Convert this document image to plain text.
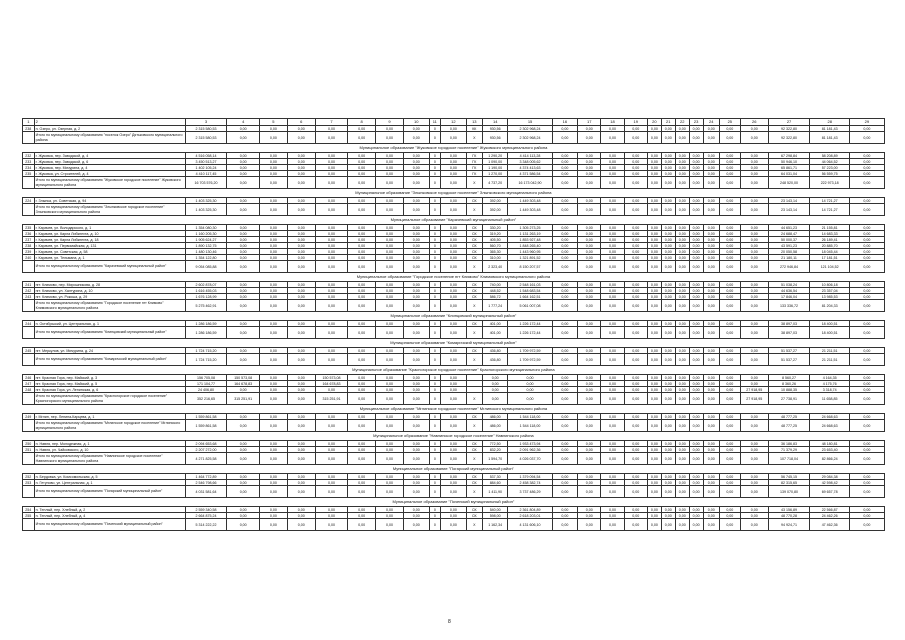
1	2	3	4	5	6	7	8	9	10	11	12	13	14	15	16	17	18	19	20	21	22	23	24	25	26	27	28	29
238	п. Озеро, ул. Озерная, д. 2	2 315 580,53	0,00	0,00	0,00	0,00	0,00	0,00	0,00	0	0,00	КК	930,56	2 302 968,24	0,00	0,00	0,00	0,00	0,00	0,00	0,00	0,00	0,00	0,00	0,00	92 322,80	81 181,43	0,00
	Итого по муниципальному образованию "поселок Озеро" Дятьковского муниципального района	2 315 580,53	0,00	0,00	0,00	0,00	0,00	0,00	0,00	0	0,00	Х	930,56	2 302 968,24	0,00	0,00	0,00	0,00	0,00	0,00	0,00	0,00	0,00	0,00	0,00	92 322,80	81 181,43	0,00
Муниципальное образование "Жуковское городское поселение" Жуковского муниципального района																												
232	г. Жуковка, пер. Заводской, д. 4	4 516 058,14	0,00	0,00	0,00	0,00	0,00	0,00	0,00	0	0,00	ГК	1 290,20	4 414 113,28	0,00	0,00	0,00	0,00	0,00	0,00	0,00	0,00	0,00	0,00	0,00	67 298,84	58 208,89	0,00
233	г. Жуковка, пер. Заводской, д. 6	3 450 513,27	0,00	0,00	0,00	0,00	0,00	0,00	0,00	0	0,00	ГК	1 090,00	3 348 005,62	0,00	0,00	0,00	0,00	0,00	0,00	0,00	0,00	0,00	0,00	0,00	50 946,10	44 064,52	0,00
234	г. Жуковка, пер. Мичурина, д. 4	1 402 105,24	0,00	0,00	0,00	0,00	0,00	0,00	0,00	0	0,00	ГК	1 190,00	4 374 413,63	0,00	0,00	0,00	0,00	0,00	0,00	0,00	0,00	0,00	0,00	0,00	65 861,71	57 223,00	0,00
235	г. Жуковка, ул. Строителей, д. 4	4 410 117,45	0,00	0,00	0,00	0,00	0,00	0,00	0,00	0	0,00	ГК	1 270,00	4 371 586,54	0,00	0,00	0,00	0,00	0,00	0,00	0,00	0,00	0,00	0,00	0,00	64 031,04	56 559,75	0,00
	Итого по муниципальному образованию "Жуковское городское поселение" Жуковского муниципального района	16 703 576,20	0,00	0,00	0,00	0,00	0,00	0,00	0,00	0	0,00	Х	4 737,20	16 173 042,90	0,00	0,00	0,00	0,00	0,00	0,00	0,00	0,00	0,00	0,00	0,00	248 520,00	222 973,18	0,00
Муниципальное образование "Злынковское городское поселение" Злынковского муниципального района																												
224	г. Злынка, ул. Советская, д. 94	1 403 325,30	0,00	0,00	0,00	0,00	0,00	0,00	0,00	0	0,00	СК	392,00	1 449 303,48	0,00	0,00	0,00	0,00	0,00	0,00	0,00	0,00	0,00	0,00	0,00	23 143,14	14 721,27	0,00
	Итого по муниципальному образованию "Злынковское городское поселение" Злынковского муниципального района	1 403 325,30	0,00	0,00	0,00	0,00	0,00	0,00	0,00	0	0,00	Х	392,00	1 449 303,48	0,00	0,00	0,00	0,00	0,00	0,00	0,00	0,00	0,00	0,00	0,00	23 143,14	14 721,27	0,00
Муниципальное образование "Карачевский муниципальный район"																												
235	г. Карачев, ул. Володарского, д. 1	1 354 080,30	0,00	0,00	0,00	0,00	0,00	0,00	0,00	0	0,00	СК	330,20	1 305 273,25	0,00	0,00	0,00	0,00	0,00	0,00	0,00	0,00	0,00	0,00	0,00	44 651,23	21 155,81	0,00
236	г. Карачев, ул. Карла Либкнехта, д. 10	1 160 205,30	0,00	0,00	0,00	0,00	0,00	0,00	0,00	0	0,00	СК	319,20	1 131 263,19	0,00	0,00	0,00	0,00	0,00	0,00	0,00	0,00	0,00	0,00	0,00	24 688,47	14 683,33	0,00
237	г. Карачев, ул. Карла Либкнехта, д. 18	1 905 624,27	0,00	0,00	0,00	0,00	0,00	0,00	0,00	0	0,00	СК	405,50	1 853 927,48	0,00	0,00	0,00	0,00	0,00	0,00	0,00	0,00	0,00	0,00	0,00	50 000,37	26 189,41	0,00
238	г. Карачев, ул. Первомайская, д. 131	1 890 132,75	0,00	0,00	0,00	0,00	0,00	0,00	0,00	0	0,00	СК	560,70	1 848 265,40	0,00	0,00	0,00	0,00	0,00	0,00	0,00	0,00	0,00	0,00	0,00	43 591,23	20 885,70	0,00
239	г. Карачев, ул. Советская, д. 58	1 480 130,46	0,00	0,00	0,00	0,00	0,00	0,00	0,00	0	0,00	СК	365,30	1 443 960,95	0,00	0,00	0,00	0,00	0,00	0,00	0,00	0,00	0,00	0,00	0,00	20 050,58	18 045,44	0,00
240	г. Карачев, ул. Тельмана, д. 1	1 354 122,80	0,00	0,00	0,00	0,00	0,00	0,00	0,00	0	0,00	СК	310,00	1 321 891,52	0,00	0,00	0,00	0,00	0,00	0,00	0,00	0,00	0,00	0,00	0,00	21 180,11	17 181,51	0,00
	Итого по муниципальному образованию "Карачевский муниципальный район"	9 054 085,88	0,00	0,00	0,00	0,00	0,00	0,00	0,00	0	0,00	Х	2 323,40	8 150 207,57	0,00	0,00	0,00	0,00	0,00	0,00	0,00	0,00	0,00	0,00	0,00	272 946,84	121 104,52	0,00
Муниципальное образование "Городское поселение пгт Климово" Климовского муниципального района																												
241	пгт. Климово, пер. Мирошникова, д. 28	2 602 878,07	0,00	0,00	0,00	0,00	0,00	0,00	0,00	0	0,00	СК	740,00	2 548 161,03	0,00	0,00	0,00	0,00	0,00	0,00	0,00	0,00	0,00	0,00	0,00	51 038,24	10 806,18	0,00
242	пгт. Климово, ул. Халтурина, д. 10	1 616 455,03	0,00	0,00	0,00	0,00	0,00	0,00	0,00	0	0,00	СК	448,52	1 548 683,54	0,00	0,00	0,00	0,00	0,00	0,00	0,00	0,00	0,00	0,00	0,00	44 636,54	23 357,04	0,00
243	пгт. Климово, ул. Рокоша, д. 29	1 676 128,99	0,00	0,00	0,00	0,00	0,00	0,00	0,00	0	0,00	СК	586,72	1 664 162,51	0,00	0,00	0,00	0,00	0,00	0,00	0,00	0,00	0,00	0,00	0,00	17 846,04	13 985,53	0,00
	Итого по муниципальному образованию "Городское поселение пгт Климово" Климовского муниципального района	5 275 462,91	0,00	0,00	0,00	0,00	0,00	0,00	0,00	0	0,00	Х	1 777,24	5 061 007,08	0,00	0,00	0,00	0,00	0,00	0,00	0,00	0,00	0,00	0,00	0,00	133 336,72	81 204,33	0,00
Муниципальное образование "Клинцовский муниципальный район"																												
244	п. Октябрьский, ул. Центральная, д. 1	1 286 186,59	0,00	0,00	0,00	0,00	0,00	0,00	0,00	0	0,00	СК	401,00	1 226 172,44	0,00	0,00	0,00	0,00	0,00	0,00	0,00	0,00	0,00	0,00	0,00	38 897,03	18 400,51	0,00
	Итого по муниципальному образованию "Клинцовский муниципальный район"	1 286 186,59	0,00	0,00	0,00	0,00	0,00	0,00	0,00	0	0,00	Х	401,00	1 226 172,44	0,00	0,00	0,00	0,00	0,00	0,00	0,00	0,00	0,00	0,00	0,00	38 897,03	18 400,51	0,00
Муниципальное образование "Комаричский муниципальный район"																												
245	пгт. Меркулов, ул. Мичурина, д. 24	1 724 715,20	0,00	0,00	0,00	0,00	0,00	0,00	0,00	0	0,00	СК	436,80	1 709 972,59	0,00	0,00	0,00	0,00	0,00	0,00	0,00	0,00	0,00	0,00	0,00	51 537,27	21 211,51	0,00
	Итого по муниципальному образованию "Комаричский муниципальный район"	1 724 715,20	0,00	0,00	0,00	0,00	0,00	0,00	0,00	0	0,00	Х	436,80	1 709 972,59	0,00	0,00	0,00	0,00	0,00	0,00	0,00	0,00	0,00	0,00	0,00	51 537,27	21 211,51	0,00
Муниципальное образование "Красногорское городское поселение" Красногорского муниципального района																												
246	пгт. Красная Гора, пер. Майский, д. 3	156 705,08	150 573,08	0,00	0,00	150 573,08	0,00	0,00	0,00	0	0,00		0,00	0,00	0,00	0,00	0,00	0,00	0,00	0,00	0,00	0,00	0,00	0,00	0,00	8 560,27	4 164,35	0,00
247	пгт. Красная Гора, пер. Майский, д. 5	171 104,77	164 678,83	0,00	0,00	164 678,83	0,00	0,00	0,00	0	0,00		0,00	0,00	0,00	0,00	0,00	0,00	0,00	0,00	0,00	0,00	0,00	0,00	0,00	8 360,26	4 175,76	0,00
248	пгт. Красная Гора, ул. Ленинская, д. 6	24 406,80	0,00	0,00	0,00	0,00	0,00	0,00	0,00	0	0,00		0,00	0,00	0,00	0,00	0,00	0,00	0,00	0,00	0,00	0,00	0,00	0,00	27 918,95	10 888,35	3 318,74	0,00
	Итого по муниципальному образованию "Красногорское городское поселение" Красногорского муниципального района	352 216,65	315 251,91	0,00	0,00	315 251,91	0,00	0,00	0,00	0	0,00	Х	0,00	0,00	0,00	0,00	0,00	0,00	0,00	0,00	0,00	0,00	0,00	0,00	27 918,95	27 738,91	11 658,85	0,00
Муниципальное образование "Мглинское городское поселение" Мглинского муниципального района																												
249	г. Мглин, пер. Ленина-Карцева, д. 1	1 559 861,58	0,00	0,00	0,00	0,00	0,00	0,00	0,00	0	0,00	СК	486,00	1 544 118,00	0,00	0,00	0,00	0,00	0,00	0,00	0,00	0,00	0,00	0,00	0,00	48 777,25	24 668,63	0,00
	Итого по муниципальному образованию "Мглинское городское поселение" Мглинского муниципального района	1 559 861,58	0,00	0,00	0,00	0,00	0,00	0,00	0,00	0	0,00	Х	486,00	1 544 118,00	0,00	0,00	0,00	0,00	0,00	0,00	0,00	0,00	0,00	0,00	0,00	48 777,25	24 668,63	0,00
Муниципальное образование "Навлинское городское поселение" Навлинского района																												
250	п. Навля, пер. Молодежная, д. 1	2 094 653,68	0,00	0,00	0,00	0,00	0,00	0,00	0,00	0	0,00	СК	772,50	1 933 473,94	0,00	0,00	0,00	0,00	0,00	0,00	0,00	0,00	0,00	0,00	0,00	36 186,83	48 180,81	0,00
251	п. Навля, ул. Чайковского, д. 10	2 207 272,00	0,00	0,00	0,00	0,00	0,00	0,00	0,00	0	0,00	СК	832,20	2 091 962,36	0,00	0,00	0,00	0,00	0,00	0,00	0,00	0,00	0,00	0,00	0,00	71 379,29	23 653,40	0,00
	Итого по муниципальному образованию "Навлинское городское поселение" Навлинского муниципального района	4 271 825,58	0,00	0,00	0,00	0,00	0,00	0,00	0,00	0	0,00	Х	1 594,70	4 026 037,70	0,00	0,00	0,00	0,00	0,00	0,00	0,00	0,00	0,00	0,00	0,00	107 718,04	82 866,24	0,00
Муниципальное образование "Погарский муниципальный район"																												
252	п. Бердовка, ул. Комсомольская, д. 5	1 464 772,89	0,00	0,00	0,00	0,00	0,00	0,00	0,00	0	0,00	СК	537,30	1 379 094,54	0,00	0,00	0,00	0,00	0,00	0,00	0,00	0,00	0,00	0,00	0,00	56 745,15	29 084,38	0,00
253	п. Гетуново, ул. Центральная, д. 1	2 546 798,66	0,00	0,00	0,00	0,00	0,00	0,00	0,00	0	0,00	СК	884,60	2 458 382,74	0,00	0,00	0,00	0,00	0,00	0,00	0,00	0,00	0,00	0,00	0,00	82 315,65	42 598,42	0,00
	Итого по муниципальному образованию "Погарский муниципальный район"	4 031 581,64	0,00	0,00	0,00	0,00	0,00	0,00	0,00	0	0,00	Х	1 411,90	3 737 486,29	0,00	0,00	0,00	0,00	0,00	0,00	0,00	0,00	0,00	0,00	0,00	139 070,80	69 657,78	0,00
Муниципальное образование "Почепский муниципальный район"																												
254	п. Теплый, пер. Хлебный, д. 2	2 559 340,58	0,00	0,00	0,00	0,00	0,00	0,00	0,00	0	0,00	СК	540,00	2 361 804,89	0,00	0,00	0,00	0,00	0,00	0,00	0,00	0,00	0,00	0,00	0,00	43 156,89	22 566,87	0,00
255	п. Теплый, пер. Хлебный, д. 4	2 664 875,24	0,00	0,00	0,00	0,00	0,00	0,00	0,00	0	0,00	СК	598,00	2 618 203,01	0,00	0,00	0,00	0,00	0,00	0,00	0,00	0,00	0,00	0,00	0,00	48 770,28	24 462,26	0,00
	Итого по муниципальному образованию "Почепский муниципальный район"	5 314 222,22	0,00	0,00	0,00	0,00	0,00	0,00	0,00	0	0,00	Х	1 162,34	4 131 606,10	0,00	0,00	0,00	0,00	0,00	0,00	0,00	0,00	0,00	0,00	0,00	94 924,71	47 462,36	0,00
8
